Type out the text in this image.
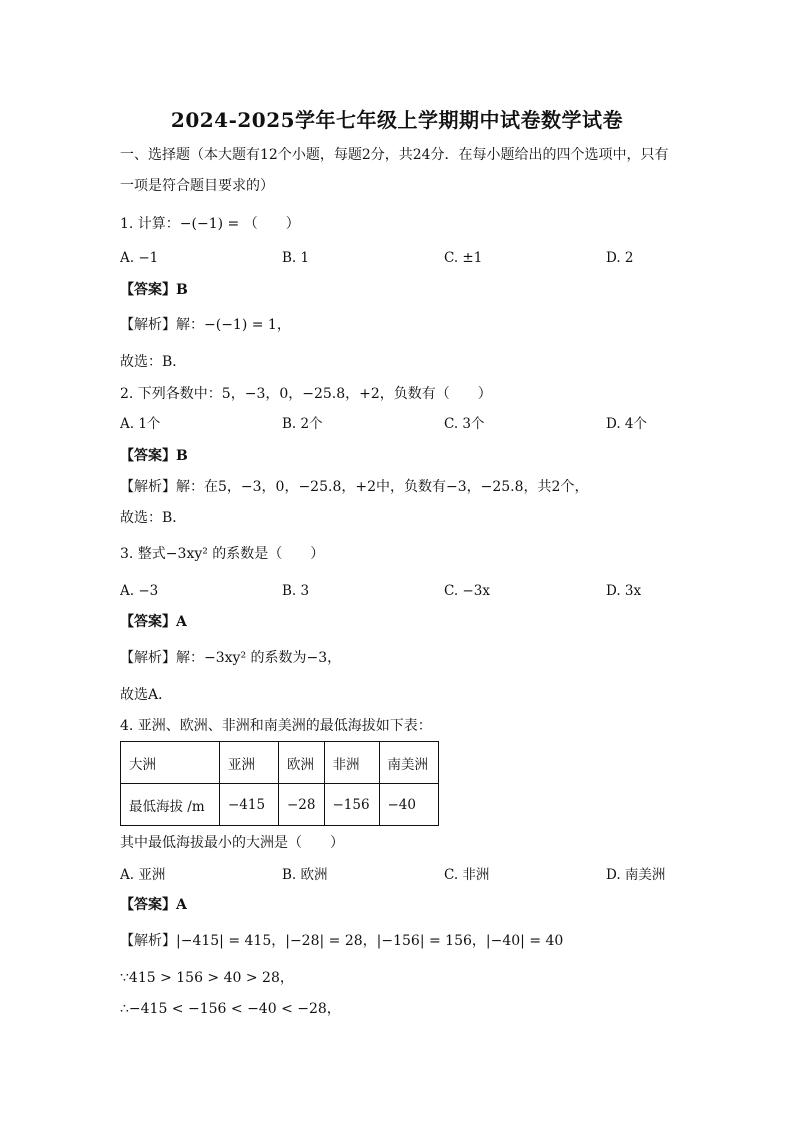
2024-2025学年七年级上学期期中试卷数学试卷
一、选择题（本大题有12个小题，每题2分，共24分．在每小题给出的四个选项中，只有
一项是符合题目要求的）
1. 计算：−(−1) = （　　）
A. −1	B. 1	C. ±1	D. 2
【答案】B
【解析】解：−(−1) = 1，
故选：B．
2. 下列各数中：5，−3，0，−25.8，+2，负数有（　　）
A. 1个	B. 2个	C. 3个	D. 4个
【答案】B
【解析】解：在5，−3，0，−25.8，+2中，负数有−3，−25.8，共2个，
故选：B．
3. 整式−3xy² 的系数是（　　）
A. −3	B. 3	C. −3x	D. 3x
【答案】A
【解析】解：−3xy² 的系数为−3，
故选A．
4. 亚洲、欧洲、非洲和南美洲的最低海拔如下表：
大洲	亚洲	欧洲	非洲	南美洲
最低海拔 /m	−415	−28	−156	−40
其中最低海拔最小的大洲是（　　）
A. 亚洲	B. 欧洲	C. 非洲	D. 南美洲
【答案】A
【解析】|−415| = 415，|−28| = 28，|−156| = 156，|−40| = 40
∵415 > 156 > 40 > 28，
∴−415 < −156 < −40 < −28，
